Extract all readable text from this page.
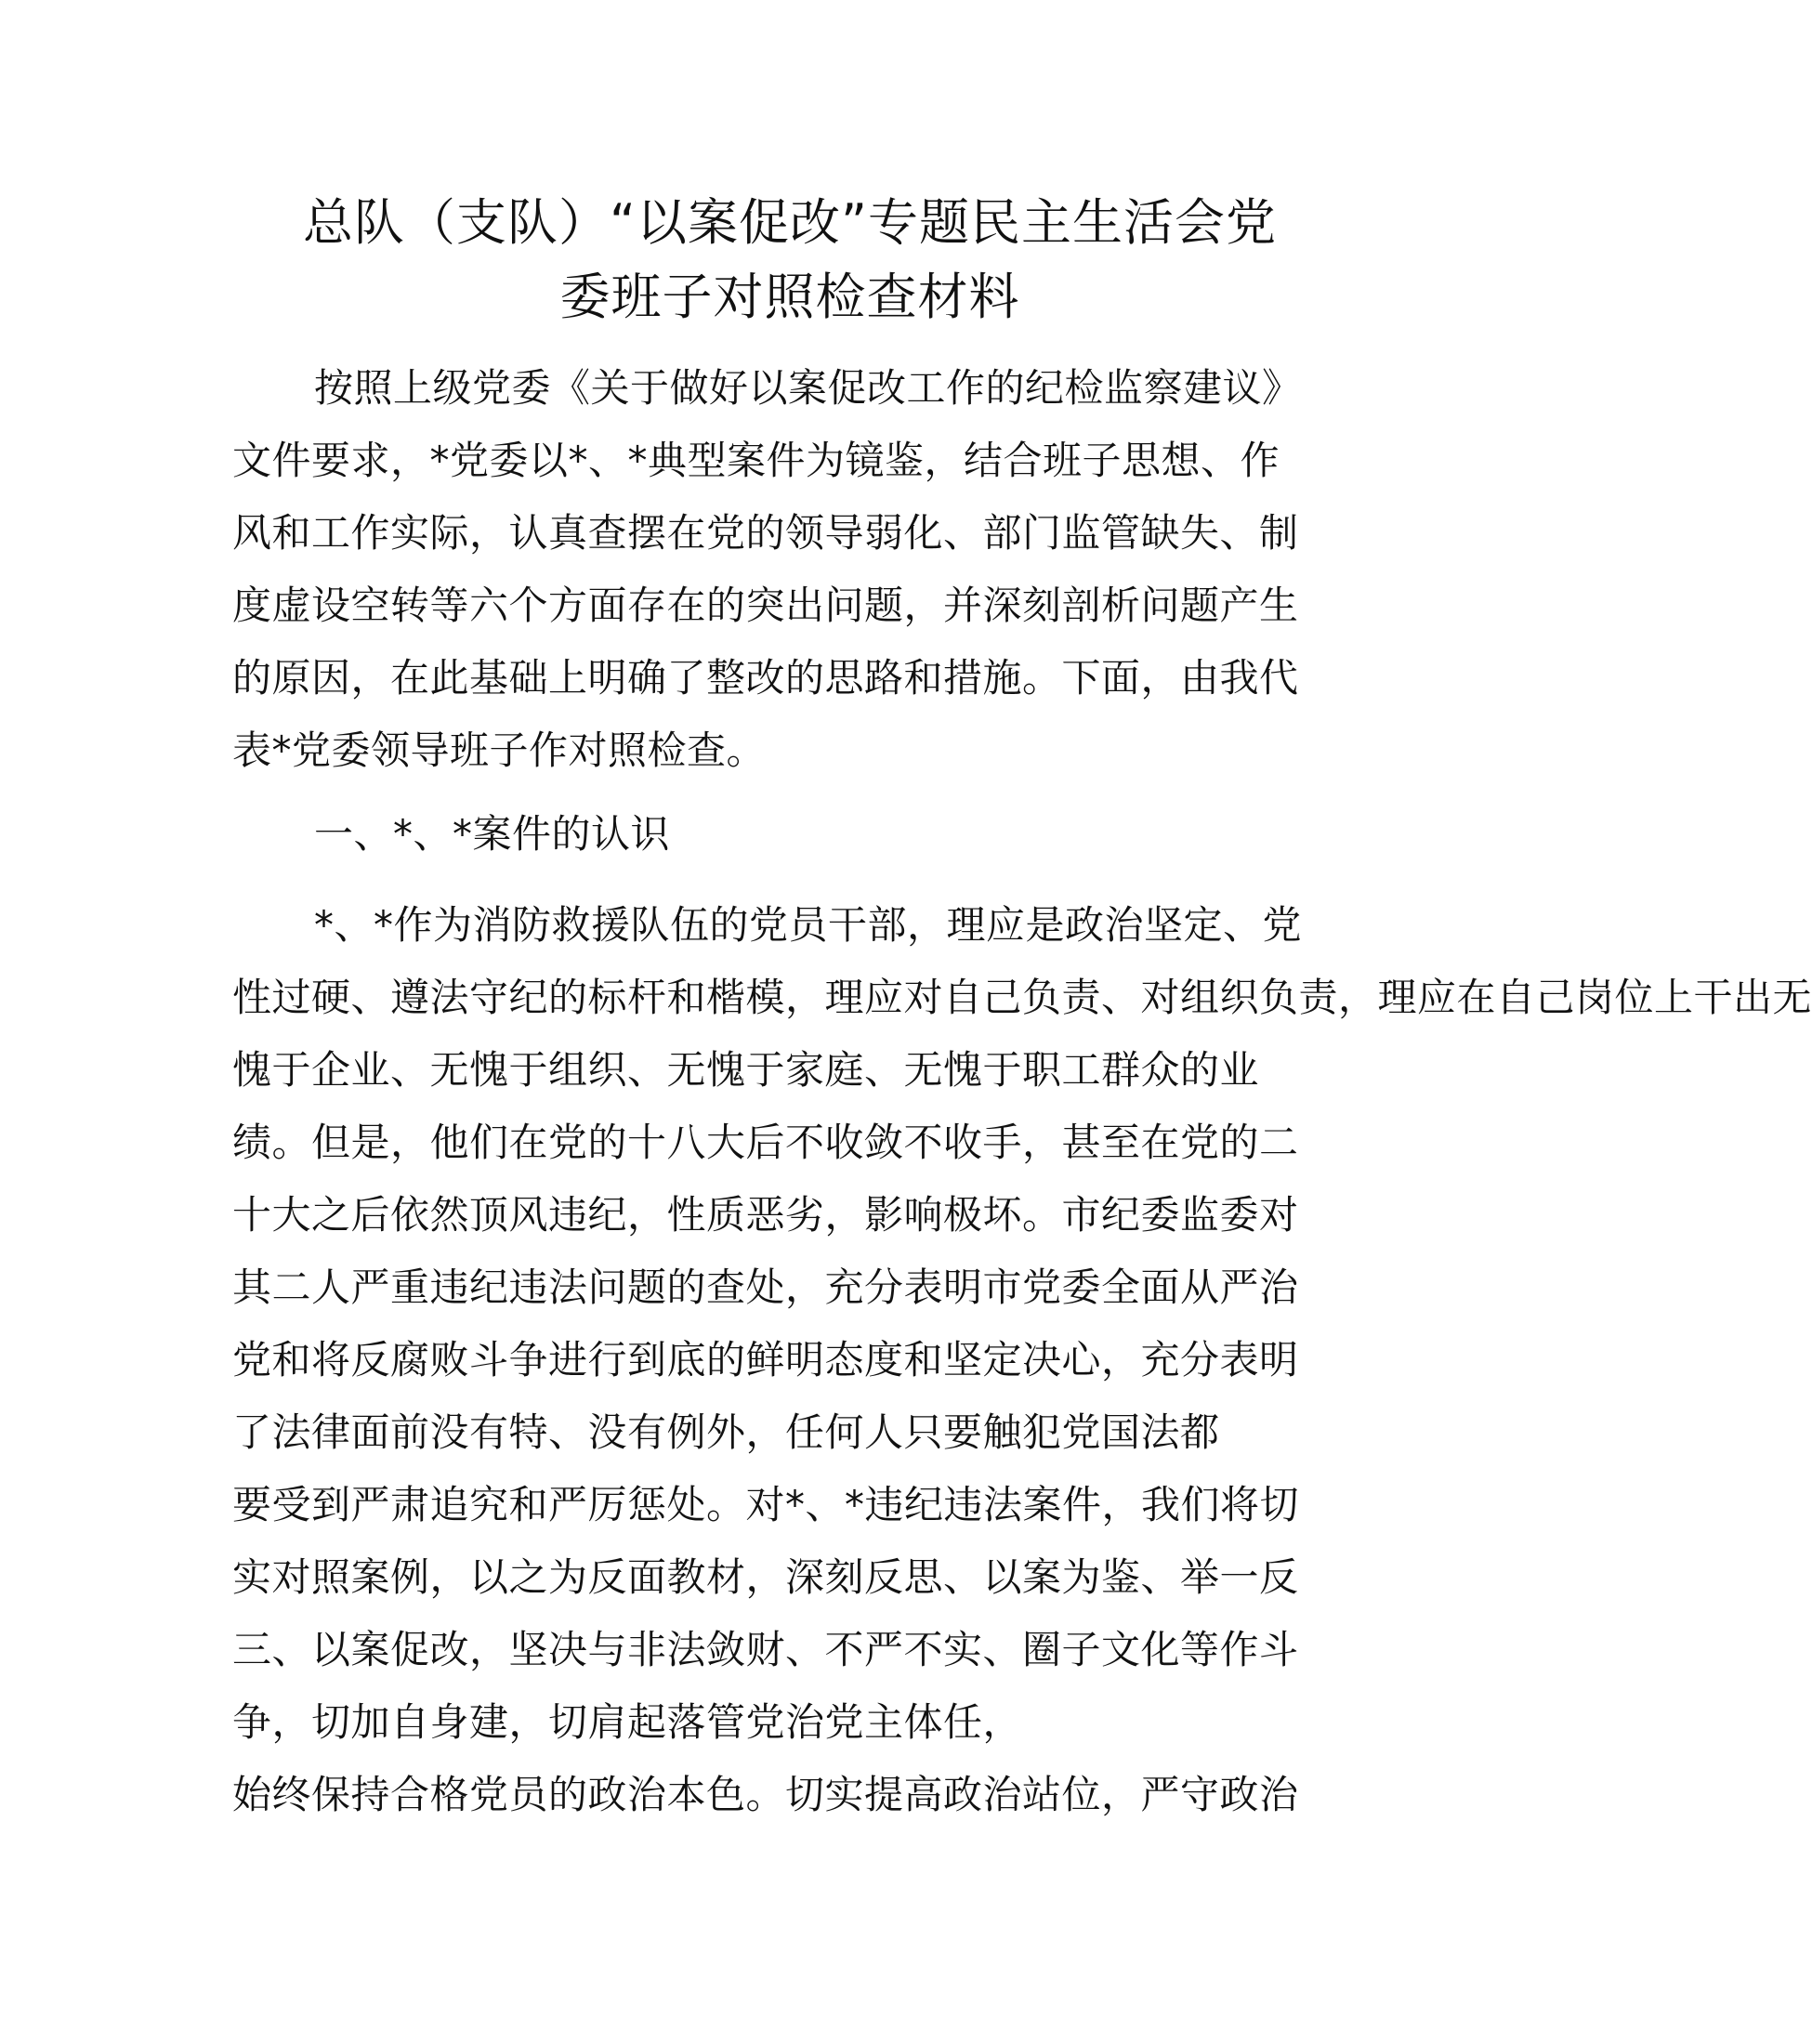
总队（支队）“以案促改”专题民主生活会党
委班子对照检查材料
按照上级党委《关于做好以案促改工作的纪检监察建议》
文件要求，*党委以*、*典型案件为镜鉴，结合班子思想、作
风和工作实际，认真查摆在党的领导弱化、部门监管缺失、制
度虚设空转等六个方面存在的突出问题，并深刻剖析问题产生
的原因，在此基础上明确了整改的思路和措施。下面，由我代
表*党委领导班子作对照检查。
一、*、*案件的认识
*、*作为消防救援队伍的党员干部，理应是政治坚定、党
性过硬、遵法守纪的标杆和楷模，理应对自己负责、对组织负责，理应在自己岗位上干出无
愧于企业、无愧于组织、无愧于家庭、无愧于职工群众的业
绩。但是，他们在党的十八大后不收敛不收手，甚至在党的二
十大之后依然顶风违纪，性质恶劣，影响极坏。市纪委监委对
其二人严重违纪违法问题的查处，充分表明市党委全面从严治
党和将反腐败斗争进行到底的鲜明态度和坚定决心，充分表明
了法律面前没有特、没有例外，任何人只要触犯党国法都
要受到严肃追究和严厉惩处。对*、*违纪违法案件，我们将切
实对照案例，以之为反面教材，深刻反思、以案为鉴、举一反
三、以案促改，坚决与非法敛财、不严不实、圈子文化等作斗
争，切加自身建，切肩起落管党治党主体任，
始终保持合格党员的政治本色。切实提高政治站位，严守政治
